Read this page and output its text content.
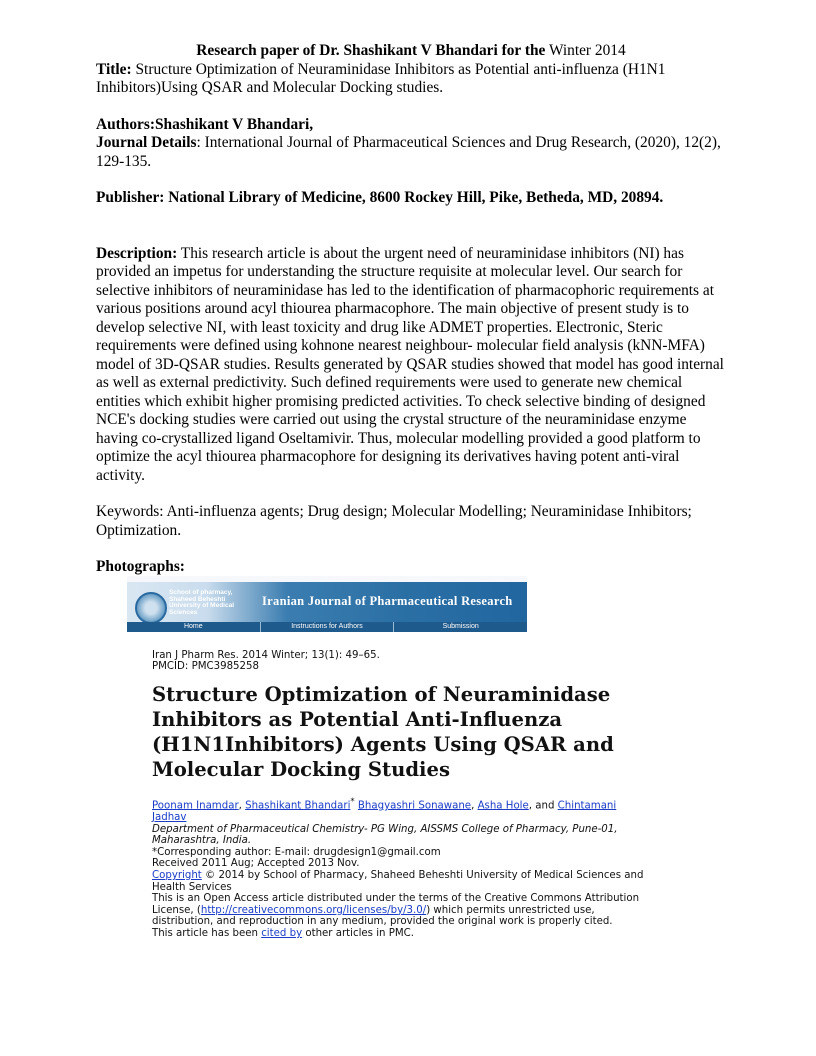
Research paper of Dr. Shashikant V Bhandari for the Winter 2014

Title: Structure Optimization of Neuraminidase Inhibitors as Potential anti-influenza (H1N1 Inhibitors)Using QSAR and Molecular Docking studies.

Authors:Shashikant V Bhandari,

Journal Details: International Journal of Pharmaceutical Sciences and Drug Research, (2020), 12(2), 129-135.

Publisher: National Library of Medicine, 8600 Rockey Hill, Pike, Betheda, MD, 20894.

Description: This research article is about the urgent need of neuraminidase inhibitors (NI) has provided an impetus for understanding the structure requisite at molecular level. Our search for selective inhibitors of neuraminidase has led to the identification of pharmacophoric requirements at various positions around acyl thiourea pharmacophore. The main objective of present study is to develop selective NI, with least toxicity and drug like ADMET properties. Electronic, Steric requirements were defined using kohnone nearest neighbour- molecular field analysis (kNN-MFA) model of 3D-QSAR studies. Results generated by QSAR studies showed that model has good internal as well as external predictivity. Such defined requirements were used to generate new chemical entities which exhibit higher promising predicted activities. To check selective binding of designed NCE's docking studies were carried out using the crystal structure of the neuraminidase enzyme having co-crystallized ligand Oseltamivir. Thus, molecular modelling provided a good platform to optimize the acyl thiourea pharmacophore for designing its derivatives having potent anti-viral activity.

Keywords: Anti-influenza agents; Drug design; Molecular Modelling; Neuraminidase Inhibitors; Optimization.

Photographs:

School of pharmacy, Shaheed Beheshti University of Medical Sciences
Iranian Journal of Pharmaceutical Research
Home	Instructions for Authors	Submission
Iran J Pharm Res. 2014 Winter; 13(1): 49–65.
PMCID: PMC3985258
Structure Optimization of Neuraminidase Inhibitors as Potential Anti-Influenza (H1N1Inhibitors) Agents Using QSAR and Molecular Docking Studies
Poonam Inamdar, Shashikant Bhandari* Bhagyashri Sonawane, Asha Hole, and Chintamani Jadhav
Department of Pharmaceutical Chemistry- PG Wing, AISSMS College of Pharmacy, Pune-01, Maharashtra, India.
*Corresponding author: E-mail: drugdesign1@gmail.com
Received 2011 Aug; Accepted 2013 Nov.
Copyright © 2014 by School of Pharmacy, Shaheed Beheshti University of Medical Sciences and Health Services
This is an Open Access article distributed under the terms of the Creative Commons Attribution License, (http://creativecommons.org/licenses/by/3.0/) which permits unrestricted use, distribution, and reproduction in any medium, provided the original work is properly cited.
This article has been cited by other articles in PMC.
